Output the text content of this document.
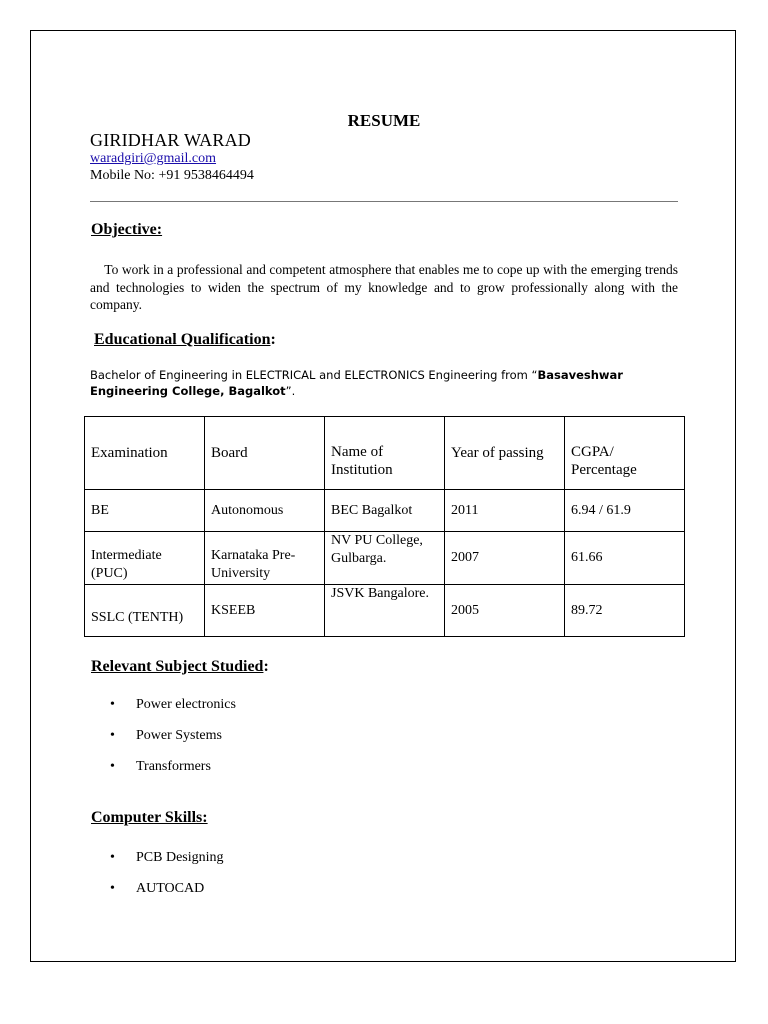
RESUME
GIRIDHAR WARAD
waradgiri@gmail.com
Mobile No: +91 9538464494
Objective:
To work in a professional and competent atmosphere that enables me to cope up with the emerging trends and technologies to widen the spectrum of my knowledge and to grow professionally along with the company.
Educational Qualification:
Bachelor of Engineering in ELECTRICAL and ELECTRONICS Engineering from “Basaveshwar Engineering College, Bagalkot”.
Examination	Board	Name of Institution	Year of passing	CGPA/ Percentage
BE	Autonomous	BEC Bagalkot	2011	6.94 / 61.9
Intermediate (PUC)	Karnataka Pre-University	NV PU College, Gulbarga.	2007	61.66
SSLC (TENTH)	KSEEB	JSVK Bangalore.	2005	89.72
Relevant Subject Studied:
• Power electronics
• Power Systems
• Transformers
Computer Skills:
• PCB Designing
• AUTOCAD
